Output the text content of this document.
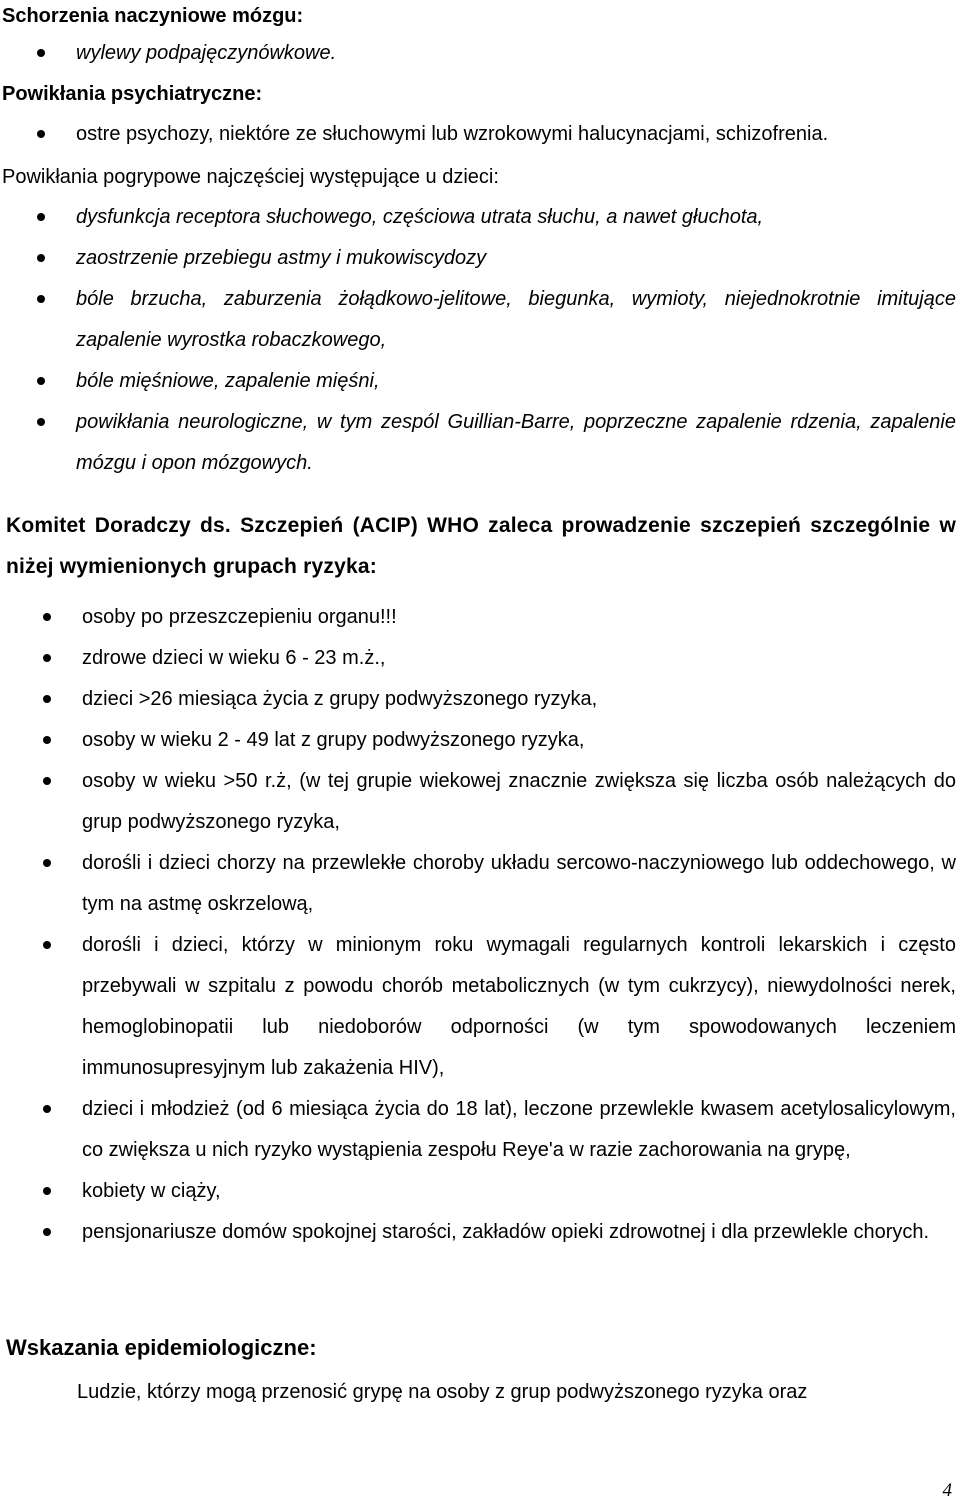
Schorzenia naczyniowe mózgu:
wylewy podpajęczynówkowe.
Powikłania psychiatryczne:
ostre psychozy, niektóre ze słuchowymi lub wzrokowymi halucynacjami, schizofrenia.
Powikłania pogrypowe najczęściej występujące u dzieci:
dysfunkcja receptora słuchowego, częściowa utrata słuchu, a nawet głuchota,
zaostrzenie przebiegu astmy i mukowiscydozy
bóle brzucha, zaburzenia żołądkowo-jelitowe, biegunka, wymioty, niejednokrotnie imitujące zapalenie wyrostka robaczkowego,
bóle mięśniowe, zapalenie mięśni,
powikłania neurologiczne, w tym zespól Guillian-Barre, poprzeczne zapalenie rdzenia, zapalenie mózgu i opon mózgowych.
Komitet Doradczy ds. Szczepień (ACIP) WHO zaleca prowadzenie szczepień szczególnie w niżej wymienionych grupach ryzyka:
osoby po przeszczepieniu organu!!!
zdrowe dzieci w wieku 6 - 23 m.ż.,
dzieci >26 miesiąca życia z grupy podwyższonego ryzyka,
osoby w wieku 2 - 49 lat z grupy podwyższonego ryzyka,
osoby w wieku >50 r.ż, (w tej grupie wiekowej znacznie zwiększa się liczba osób należących do grup podwyższonego ryzyka,
dorośli i dzieci chorzy na przewlekłe choroby układu sercowo-naczyniowego lub oddechowego, w tym na astmę oskrzelową,
dorośli i dzieci, którzy w minionym roku wymagali regularnych kontroli lekarskich i często przebywali w szpitalu z powodu chorób metabolicznych (w tym cukrzycy), niewydolności nerek, hemoglobinopatii lub niedoborów odporności (w tym spowodowanych leczeniem immunosupresyjnym lub zakażenia HIV),
dzieci i młodzież (od 6 miesiąca życia do 18 lat), leczone przewlekle kwasem acetylosalicylowym, co zwiększa u nich ryzyko wystąpienia zespołu Reye'a w razie zachorowania na grypę,
kobiety w ciąży,
pensjonariusze domów spokojnej starości, zakładów opieki zdrowotnej i dla przewlekle chorych.
Wskazania epidemiologiczne:

Ludzie, którzy mogą przenosić grypę na osoby z grup podwyższonego ryzyka oraz

4
